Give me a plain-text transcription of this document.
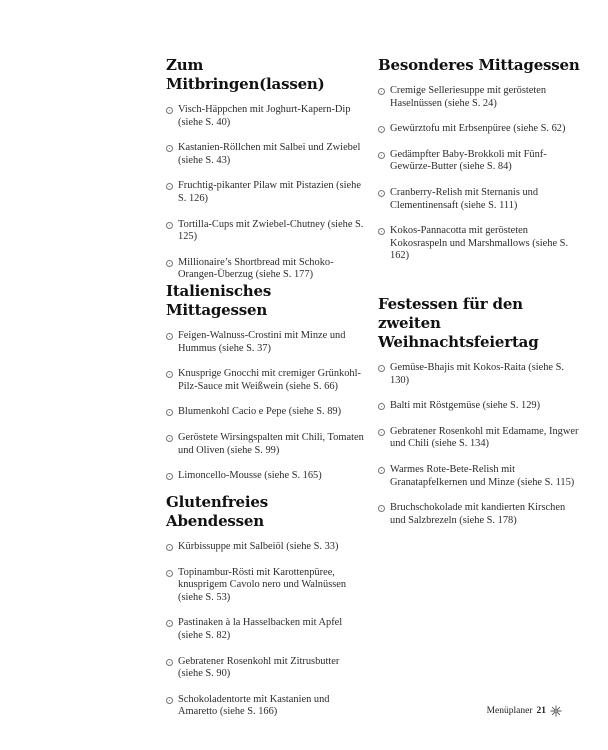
Zum Mitbringen(lassen)
Visch-Häppchen mit Joghurt-Kapern-Dip (siehe S. 40)
Kastanien-Röllchen mit Salbei und Zwiebel (siehe S. 43)
Fruchtig-pikanter Pilaw mit Pistazien (siehe S. 126)
Tortilla-Cups mit Zwiebel-Chutney (siehe S. 125)
Millionaire’s Shortbread mit Schoko-Orangen-Überzug (siehe S. 177)
Italienisches Mittagessen
Feigen-Walnuss-Crostini mit Minze und Hummus (siehe S. 37)
Knusprige Gnocchi mit cremiger Grünkohl-Pilz-Sauce mit Weißwein (siehe S. 66)
Blumenkohl Cacio e Pepe (siehe S. 89)
Geröstete Wirsingspalten mit Chili, Tomaten und Oliven (siehe S. 99)
Limoncello-Mousse (siehe S. 165)
Glutenfreies Abendessen
Kürbissuppe mit Salbeiöl (siehe S. 33)
Topinambur-Rösti mit Karottenpüree, knusprigem Cavolo nero und Walnüssen (siehe S. 53)
Pastinaken à la Hasselbacken mit Apfel (siehe S. 82)
Gebratener Rosenkohl mit Zitrusbutter (siehe S. 90)
Schokoladentorte mit Kastanien und Amaretto (siehe S. 166)
Besonderes Mittagessen
Cremige Selleriesuppe mit gerösteten Haselnüssen (siehe S. 24)
Gewürztofu mit Erbsenpüree (siehe S. 62)
Gedämpfter Baby-Brokkoli mit Fünf-Gewürze-Butter (siehe S. 84)
Cranberry-Relish mit Sternanis und Clementinensaft (siehe S. 111)
Kokos-Pannacotta mit gerösteten Kokosraspeln und Marshmallows (siehe S. 162)
Festessen für den zweiten Weihnachtsfeiertag
Gemüse-Bhajis mit Kokos-Raita (siehe S. 130)
Balti mit Röstgemüse (siehe S. 129)
Gebratener Rosenkohl mit Edamame, Ingwer und Chili (siehe S. 134)
Warmes Rote-Bete-Relish mit Granatapfelkernen und Minze (siehe S. 115)
Bruchschokolade mit kandierten Kirschen und Salzbrezeln (siehe S. 178)
Menüplaner 21
